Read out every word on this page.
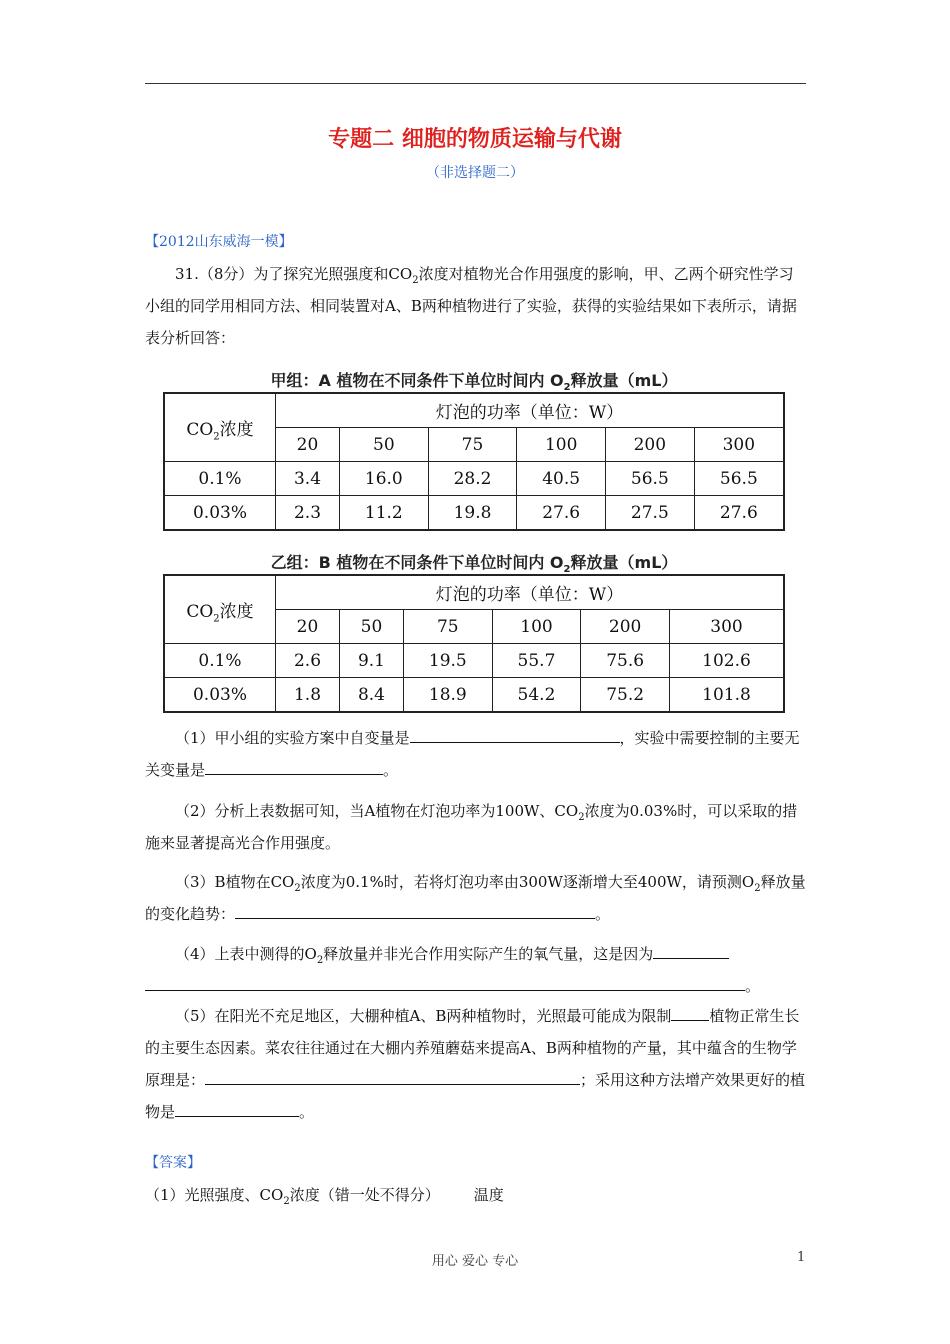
专题二 细胞的物质运输与代谢
（非选择题二）
【2012山东威海一模】
31.（8分）为了探究光照强度和$CO_2$浓度对植物光合作用强度的影响，甲、乙两个研究性学习小组的同学用相同方法、相同装置对A、B两种植物进行了实验，获得的实验结果如下表所示，请据表分析回答：
甲组：A 植物在不同条件下单位时间内 $O_2$释放量（mL）
$CO_2$浓度	灯泡的功率（单位：W）					
	20	50	75	100	200	300
0.1%	3.4	16.0	28.2	40.5	56.5	56.5
0.03%	2.3	11.2	19.8	27.6	27.5	27.6
乙组：B 植物在不同条件下单位时间内 $O_2$释放量（mL）
$CO_2$浓度	灯泡的功率（单位：W）					
	20	50	75	100	200	300
0.1%	2.6	9.1	19.5	55.7	75.6	102.6
0.03%	1.8	8.4	18.9	54.2	75.2	101.8
（1）甲小组的实验方案中自变量是	，实验中需要控制的主要无关变量是	。
（2）分析上表数据可知，当A植物在灯泡功率为100W、$CO_2$浓度为0.03%时，可以采取的措施来显著提高光合作用强度。
（3）B植物在$CO_2$浓度为0.1%时，若将灯泡功率由300W逐渐增大至400W，请预测$O_2$释放量的变化趋势：	。
（4）上表中测得的$O_2$释放量并非光合作用实际产生的氧气量，这是因为
。
（5）在阳光不充足地区，大棚种植A、B两种植物时，光照最可能成为限制	植物正常生长的主要生态因素。菜农往往通过在大棚内养殖蘑菇来提高A、B两种植物的产量，其中蕴含的生物学原理是：	；采用这种方法增产效果更好的植物是	。
【答案】
（1）光照强度、$CO_2$浓度（错一处不得分） 温度
用心 爱心 专心	1
